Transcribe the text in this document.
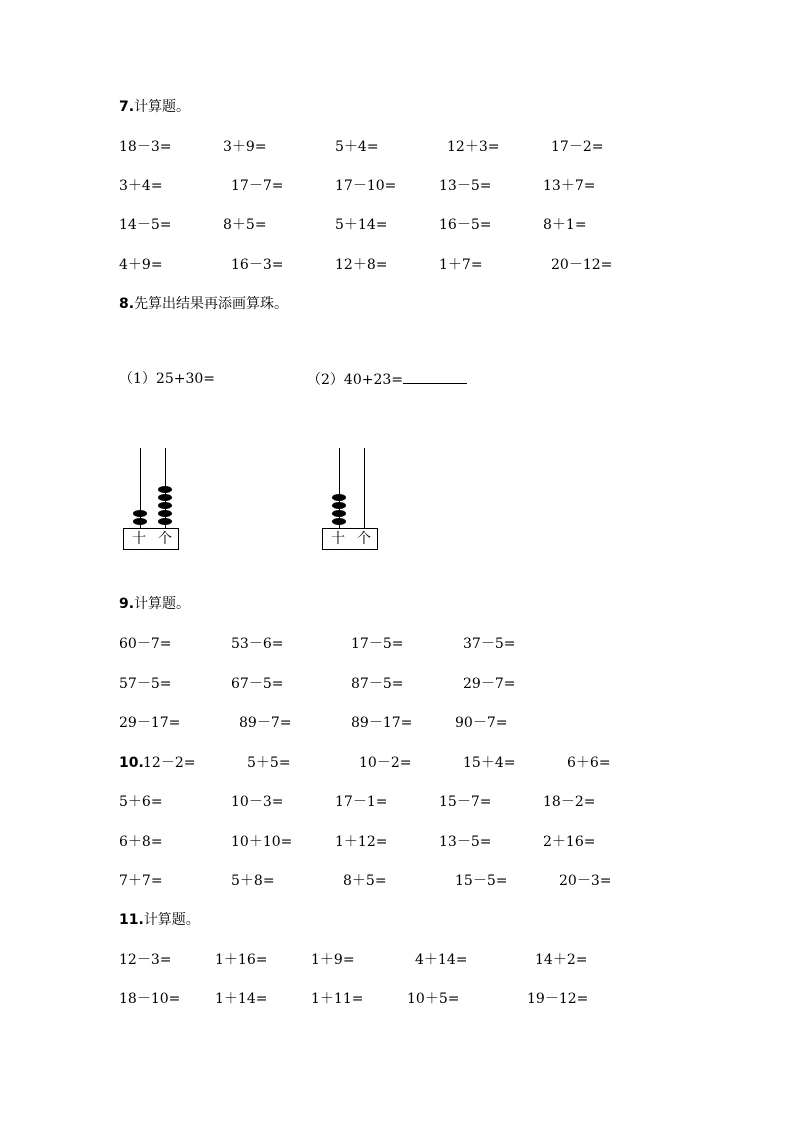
7.计算题。
18－3=	3＋9=	5＋4=	12＋3=	17－2=
3＋4=	17－7=	17－10=	13－5=	13＋7=
14－5=	8＋5=	5＋14=	16－5=	8＋1=
4＋9=	16－3=	12＋8=	1＋7=	20－12=
8.先算出结果再添画算珠。
（1）25+30=	（2）40+23=
十 个	十 个
9.计算题。
60－7=	53－6=	17－5=	37－5=
57－5=	67－5=	87－5=	29－7=
29－17=	89－7=	89－17=	90－7=
10. 12－2=	5＋5=	10－2=	15＋4=	6＋6=
5＋6=	10－3=	17－1=	15－7=	18－2=
6＋8=	10＋10=	1＋12=	13－5=	2＋16=
7＋7=	5＋8=	8＋5=	15－5=	20－3=
11.计算题。
12－3=	1＋16=	1＋9=	4＋14=	14＋2=
18－10= 1＋14=	1＋11=	10＋5=	19－12=
